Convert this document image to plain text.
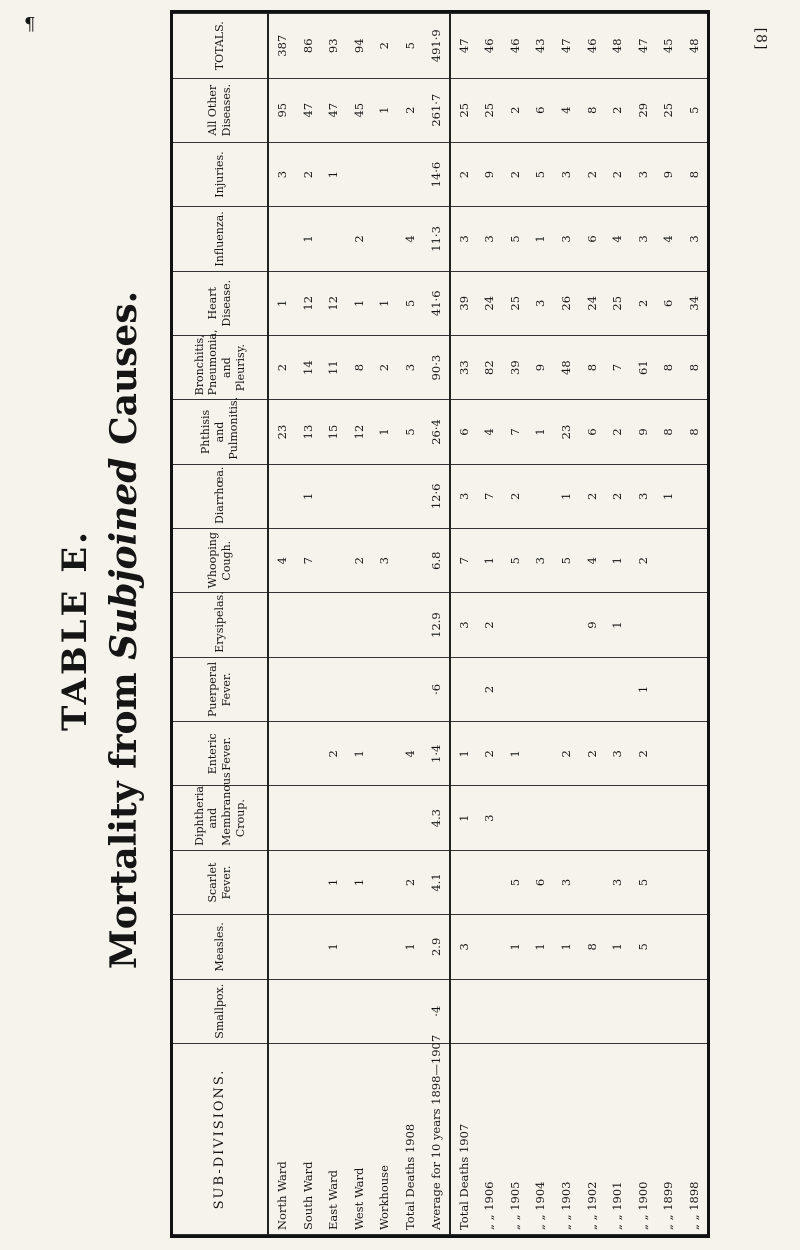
¶
[8]
TABLE E.
Mortality from Subjoined Causes.
SUB-DIVISIONS.	Smallpox.	Measles.	Scarlet Fever.	Diphtheria and Membranous Croup.	Enteric Fever.	Puerperal Fever.	Erysipelas.	Whooping Cough.	Diarrhœa.	Phthisis and Pulmonitis.	Bronchitis, Pneumonia, and Pleurisy.	Heart Disease.	Influenza.	Injuries.	All Other Diseases.	TOTALS.
North Ward								4		23	2	1		3	95	387
South Ward								7	1	13	14	12	1	2	47	86
East Ward		1	1		2					15	11	12		1	47	93
West Ward			1		1			2		12	8	1	2		45	94
Workhouse								3		1	2	1			1	2
Total Deaths 1908		1	2		4					5	3	5	4		2	5
Average for 10 years 1898—1907	·4	2.9	4.1	4.3	1·4	·6	12.9	6.8	12·6	26·4	90·3	41·6	11·3	14·6	261·7	491·9
Total Deaths 1907		3		1	1		3	7	3	6	33	39	3	2	25	47
„ „ 1906				3	2	2	2	1	7	4	82	24	3	9	25	46
„ „ 1905		1	5		1			5	2	7	39	25	5	2	2	46
„ „ 1904		1	6					3		1	9	3	1	5	6	43
„ „ 1903		1	3		2			5	1	23	48	26	3	3	4	47
„ „ 1902		8			2		9	4	2	6	8	24	6	2	8	46
„ „ 1901		1	3		3		1	1	2	2	7	25	4	2	2	48
„ „ 1900		5	5		2	1		2	3	9	61	2	3	3	29	47
„ „ 1899									1	8	8	6	4	9	25	45
„ „ 1898										8	8	34	3	8	5	48
